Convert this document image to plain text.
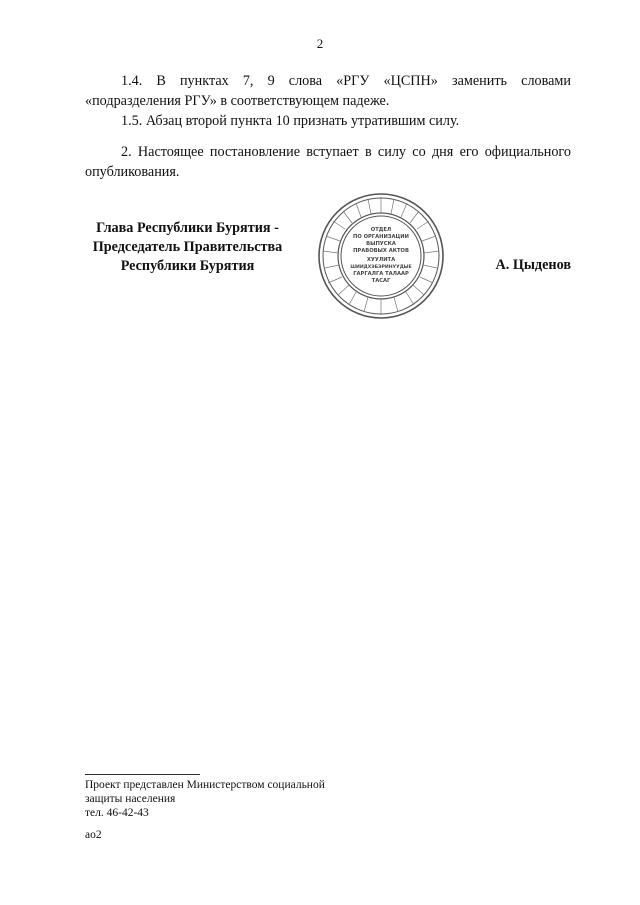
2

1.4. В пунктах 7, 9 слова «РГУ «ЦСПН» заменить словами «подразделения РГУ» в соответствующем падеже.

1.5. Абзац второй пункта 10 признать утратившим силу.

2. Настоящее постановление вступает в силу со дня его официального опубликования.

Глава Республики Бурятия -
Председатель Правительства
Республики Бурятия
ОТДЕЛ
ПО ОРГАНИЗАЦИИ
ВЫПУСКА
ПРАВОВЫХ АКТОВ
ХУУЛИТА
ШИИДХЭБЭРИНУУДЫЕ
ГАРГАЛГА ТАЛААР
ТАСАГ
А. Цыденов
Проект представлен Министерством социальной
защиты населения
тел. 46-42-43
ао2
